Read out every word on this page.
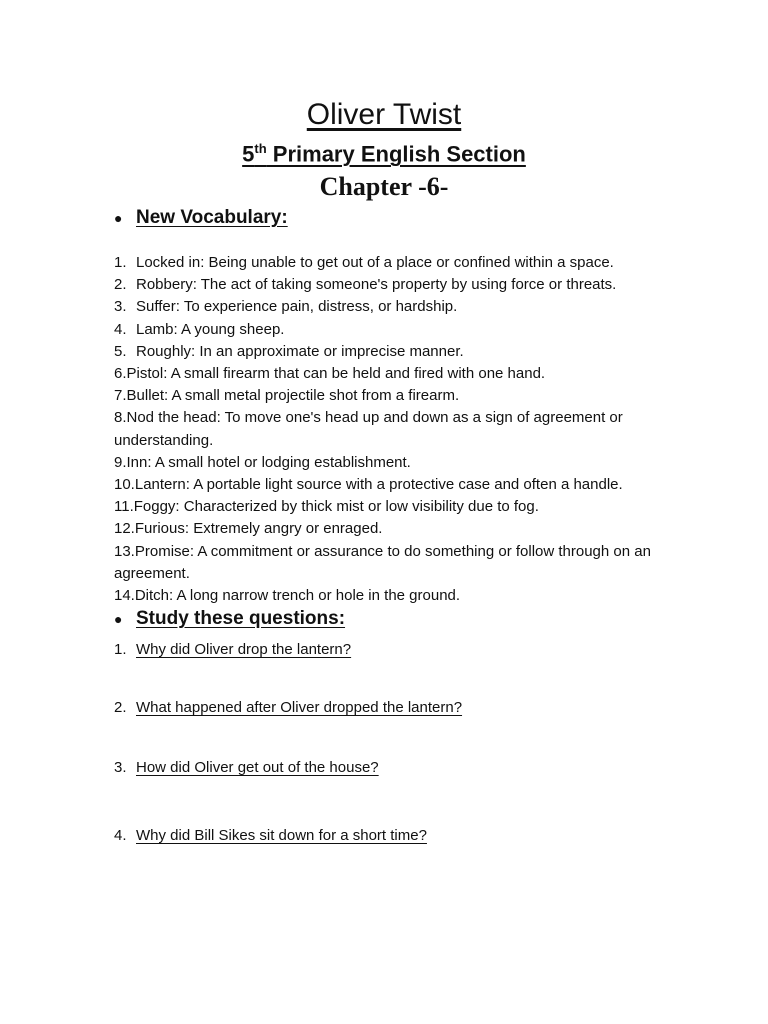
Oliver Twist
5th Primary English Section
Chapter -6-
● New Vocabulary:
1. Locked in: Being unable to get out of a place or confined within a space.
2. Robbery: The act of taking someone's property by using force or threats.
3. Suffer: To experience pain, distress, or hardship.
4. Lamb: A young sheep.
5. Roughly: In an approximate or imprecise manner.
6.Pistol: A small firearm that can be held and fired with one hand.
7.Bullet: A small metal projectile shot from a firearm.
8.Nod the head: To move one's head up and down as a sign of agreement or understanding.
9.Inn: A small hotel or lodging establishment.
10.Lantern: A portable light source with a protective case and often a handle.
11.Foggy: Characterized by thick mist or low visibility due to fog.
12.Furious: Extremely angry or enraged.
13.Promise: A commitment or assurance to do something or follow through on an agreement.
14.Ditch: A long narrow trench or hole in the ground.
● Study these questions:
1. Why did Oliver drop the lantern?
2. What happened after Oliver dropped the lantern?
3. How did Oliver get out of the house?
4. Why did Bill Sikes sit down for a short time?
